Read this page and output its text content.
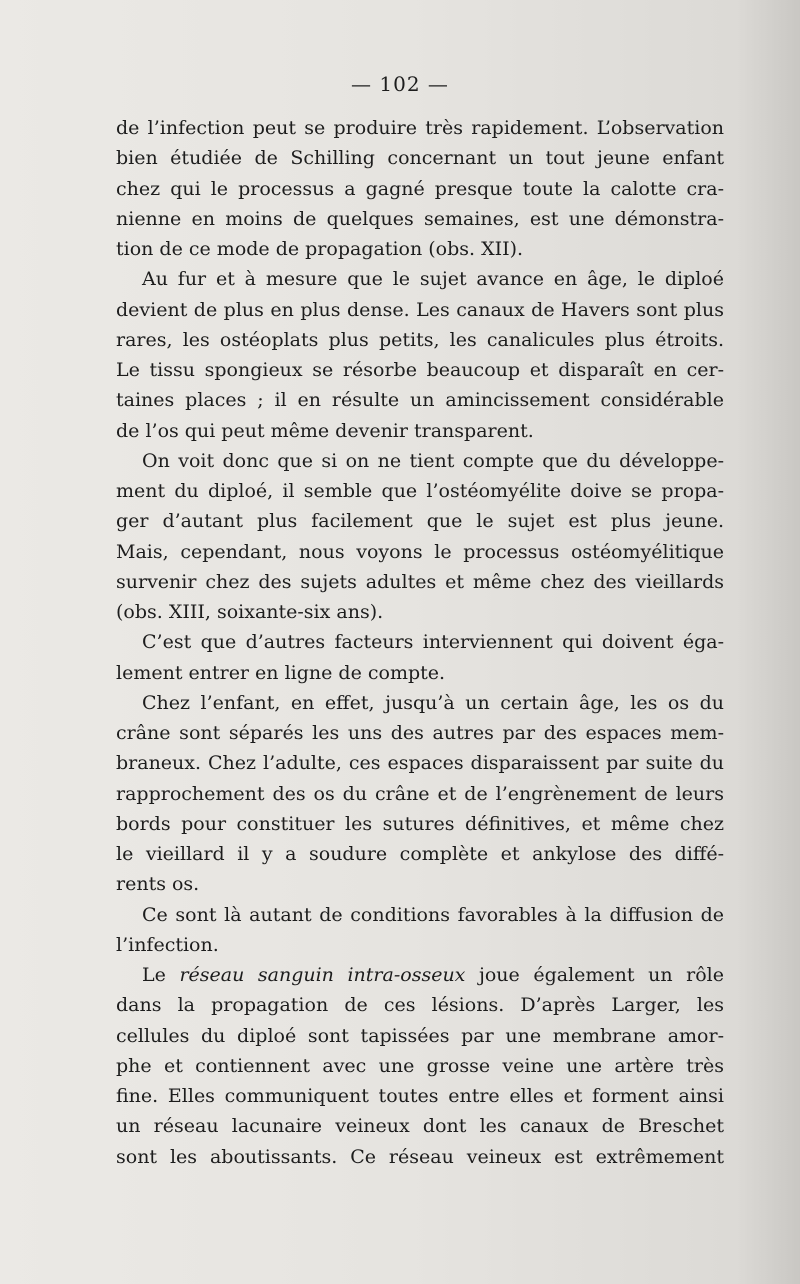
— 102 —
de l’infection peut se produire très rapidement. L’observation
bien étudiée de Schilling concernant un tout jeune enfant
chez qui le processus a gagné presque toute la calotte cra-
nienne en moins de quelques semaines, est une démonstra-
tion de ce mode de propagation (obs. XII).
Au fur et à mesure que le sujet avance en âge, le diploé
devient de plus en plus dense. Les canaux de Havers sont plus
rares, les ostéoplats plus petits, les canalicules plus étroits.
Le tissu spongieux se résorbe beaucoup et disparaît en cer-
taines places ; il en résulte un amincissement considérable
de l’os qui peut même devenir transparent.
On voit donc que si on ne tient compte que du développe-
ment du diploé, il semble que l’ostéomyélite doive se propa-
ger d’autant plus facilement que le sujet est plus jeune.
Mais, cependant, nous voyons le processus ostéomyélitique
survenir chez des sujets adultes et même chez des vieillards
(obs. XIII, soixante-six ans).
C’est que d’autres facteurs interviennent qui doivent éga-
lement entrer en ligne de compte.
Chez l’enfant, en effet, jusqu’à un certain âge, les os du
crâne sont séparés les uns des autres par des espaces mem-
braneux. Chez l’adulte, ces espaces disparaissent par suite du
rapprochement des os du crâne et de l’engrènement de leurs
bords pour constituer les sutures définitives, et même chez
le vieillard il y a soudure complète et ankylose des diffé-
rents os.
Ce sont là autant de conditions favorables à la diffusion de
l’infection.
Le réseau sanguin intra-osseux joue également un rôle
dans la propagation de ces lésions. D’après Larger, les
cellules du diploé sont tapissées par une membrane amor-
phe et contiennent avec une grosse veine une artère très
fine. Elles communiquent toutes entre elles et forment ainsi
un réseau lacunaire veineux dont les canaux de Breschet
sont les aboutissants. Ce réseau veineux est extrêmement
